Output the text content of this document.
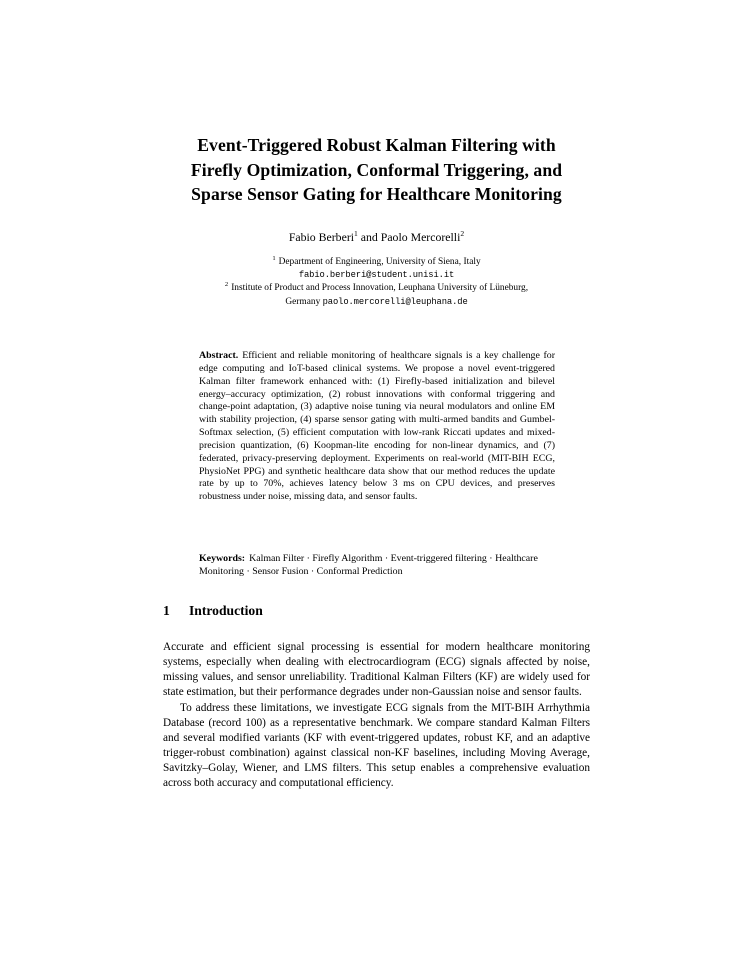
Event-Triggered Robust Kalman Filtering with
Firefly Optimization, Conformal Triggering, and
Sparse Sensor Gating for Healthcare Monitoring
Fabio Berberi$^1$ and Paolo Mercorelli$^2$
$^1$ Department of Engineering, University of Siena, Italy
fabio.berberi@student.unisi.it
$^2$ Institute of Product and Process Innovation, Leuphana University of Lüneburg,
Germany paolo.mercorelli@leuphana.de
Abstract. Efficient and reliable monitoring of healthcare signals is a key challenge for edge computing and IoT-based clinical systems. We propose a novel event-triggered Kalman filter framework enhanced with: (1) Firefly-based initialization and bilevel energy–accuracy optimization, (2) robust innovations with conformal triggering and change-point adaptation, (3) adaptive noise tuning via neural modulators and online EM with stability projection, (4) sparse sensor gating with multi-armed bandits and Gumbel-Softmax selection, (5) efficient computation with low-rank Riccati updates and mixed-precision quantization, (6) Koopman-lite encoding for non-linear dynamics, and (7) federated, privacy-preserving deployment. Experiments on real-world (MIT-BIH ECG, PhysioNet PPG) and synthetic healthcare data show that our method reduces the update rate by up to 70%, achieves latency below 3 ms on CPU devices, and preserves robustness under noise, missing data, and sensor faults.
Keywords: Kalman Filter · Firefly Algorithm · Event-triggered filtering · Healthcare Monitoring · Sensor Fusion · Conformal Prediction
1 Introduction

Accurate and efficient signal processing is essential for modern healthcare monitoring systems, especially when dealing with electrocardiogram (ECG) signals affected by noise, missing values, and sensor unreliability. Traditional Kalman Filters (KF) are widely used for state estimation, but their performance degrades under non-Gaussian noise and sensor faults.

To address these limitations, we investigate ECG signals from the MIT-BIH Arrhythmia Database (record 100) as a representative benchmark. We compare standard Kalman Filters and several modified variants (KF with event-triggered updates, robust KF, and an adaptive trigger-robust combination) against classical non-KF baselines, including Moving Average, Savitzky–Golay, Wiener, and LMS filters. This setup enables a comprehensive evaluation across both accuracy and computational efficiency.
